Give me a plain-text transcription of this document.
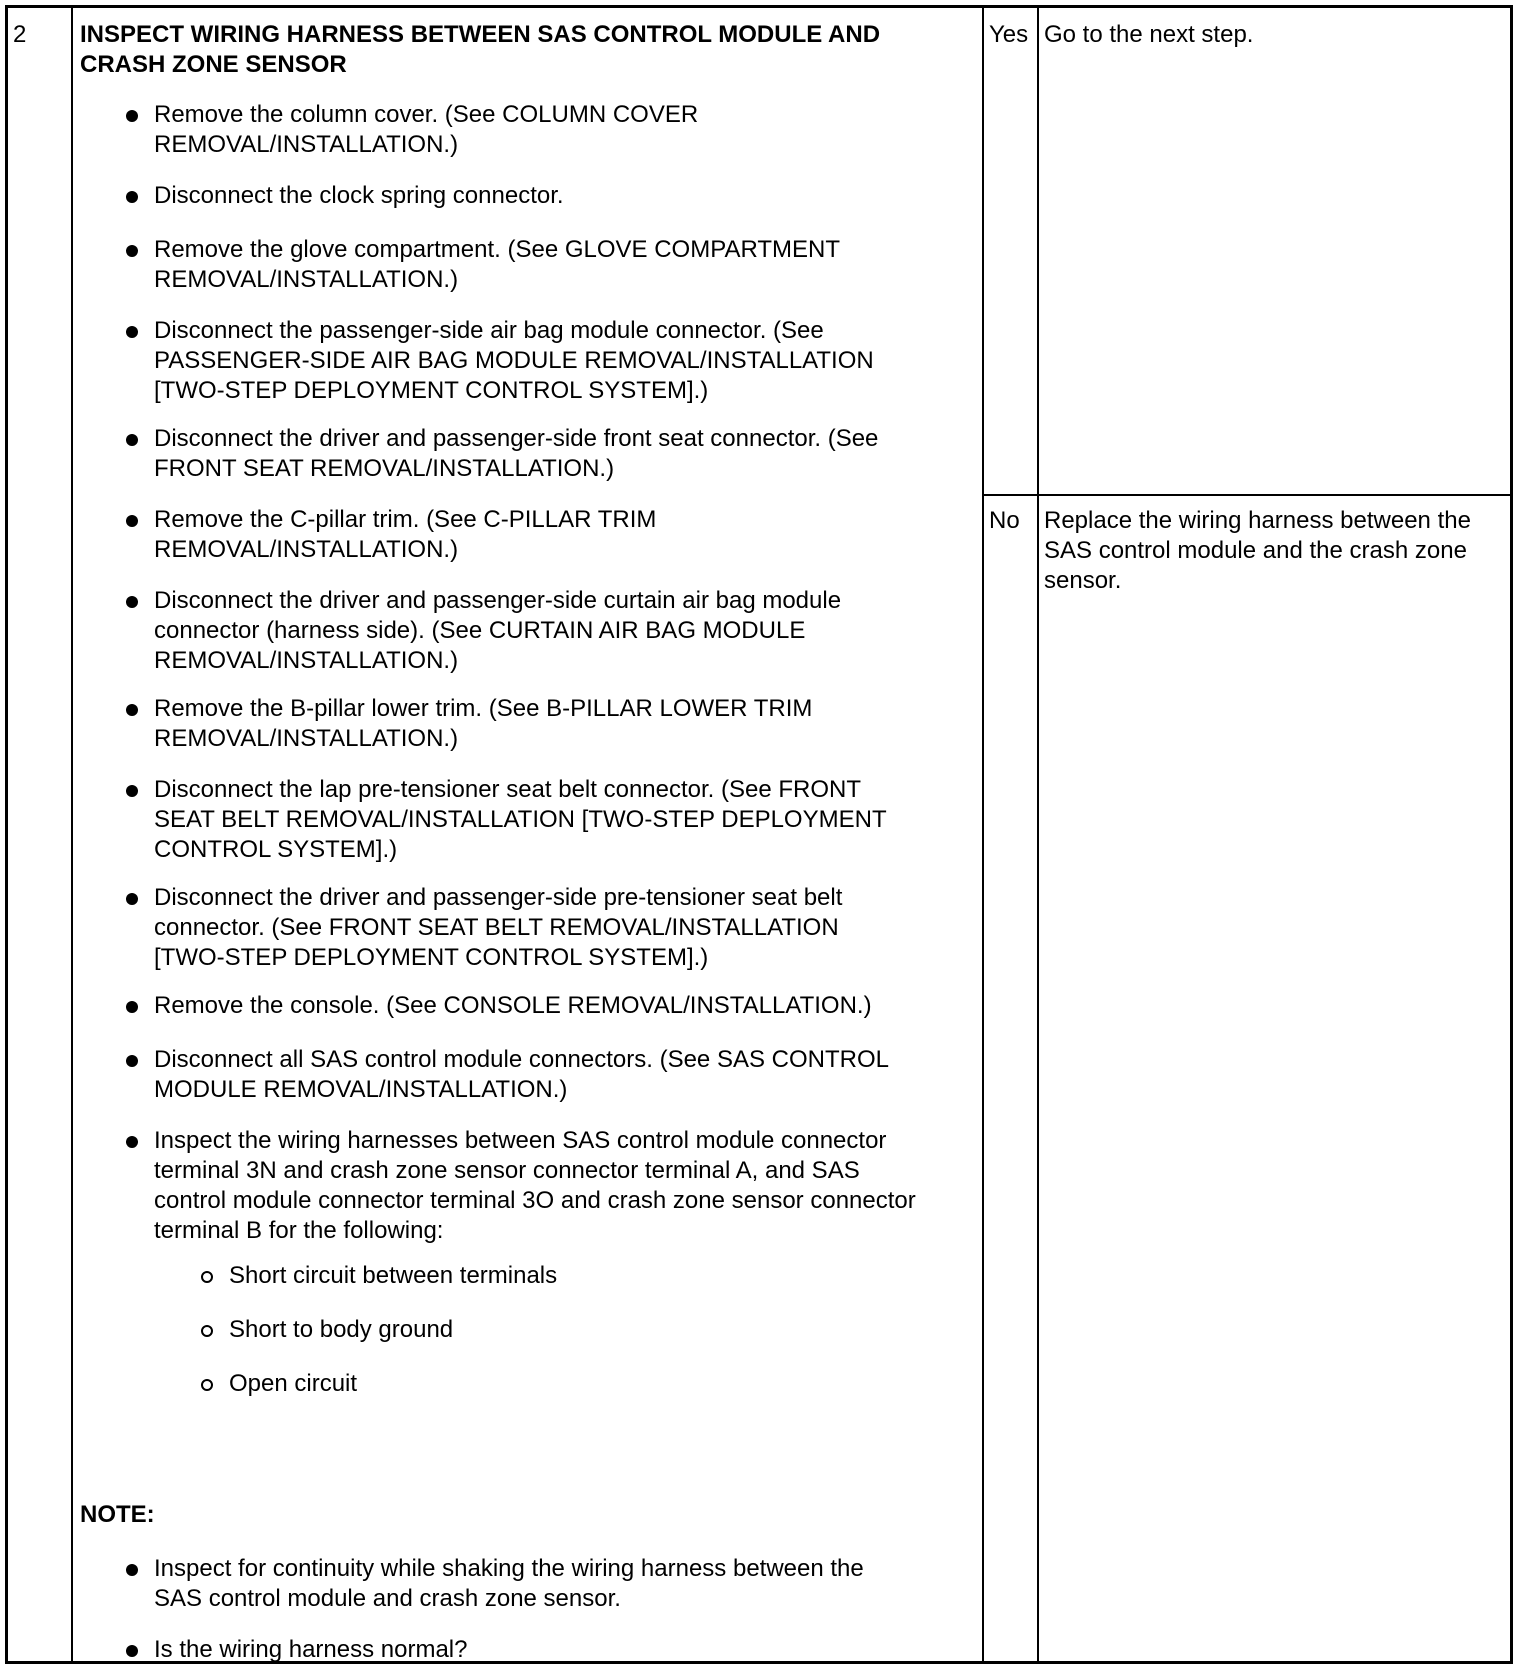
2 INSPECT WIRING HARNESS BETWEEN SAS CONTROL MODULE AND
CRASH ZONE SENSOR
Remove the column cover. (See COLUMN COVER
REMOVAL/INSTALLATION.)
Disconnect the clock spring connector.
Remove the glove compartment. (See GLOVE COMPARTMENT
REMOVAL/INSTALLATION.)
Disconnect the passenger-side air bag module connector. (See
PASSENGER-SIDE AIR BAG MODULE REMOVAL/INSTALLATION
[TWO-STEP DEPLOYMENT CONTROL SYSTEM].)
Disconnect the driver and passenger-side front seat connector. (See
FRONT SEAT REMOVAL/INSTALLATION.)
Remove the C-pillar trim. (See C-PILLAR TRIM
REMOVAL/INSTALLATION.)
Disconnect the driver and passenger-side curtain air bag module
connector (harness side). (See CURTAIN AIR BAG MODULE
REMOVAL/INSTALLATION.)
Remove the B-pillar lower trim. (See B-PILLAR LOWER TRIM
REMOVAL/INSTALLATION.)
Disconnect the lap pre-tensioner seat belt connector. (See FRONT
SEAT BELT REMOVAL/INSTALLATION [TWO-STEP DEPLOYMENT
CONTROL SYSTEM].)
Disconnect the driver and passenger-side pre-tensioner seat belt
connector. (See FRONT SEAT BELT REMOVAL/INSTALLATION
[TWO-STEP DEPLOYMENT CONTROL SYSTEM].)
Remove the console. (See CONSOLE REMOVAL/INSTALLATION.)
Disconnect all SAS control module connectors. (See SAS CONTROL
MODULE REMOVAL/INSTALLATION.)
Inspect the wiring harnesses between SAS control module connector
terminal 3N and crash zone sensor connector terminal A, and SAS
control module connector terminal 3O and crash zone sensor connector
terminal B for the following:
Short circuit between terminals
Short to body ground
Open circuit
NOTE:
Inspect for continuity while shaking the wiring harness between the
SAS control module and crash zone sensor.
Is the wiring harness normal?
Yes Go to the next step.
No Replace the wiring harness between the
SAS control module and the crash zone
sensor.
